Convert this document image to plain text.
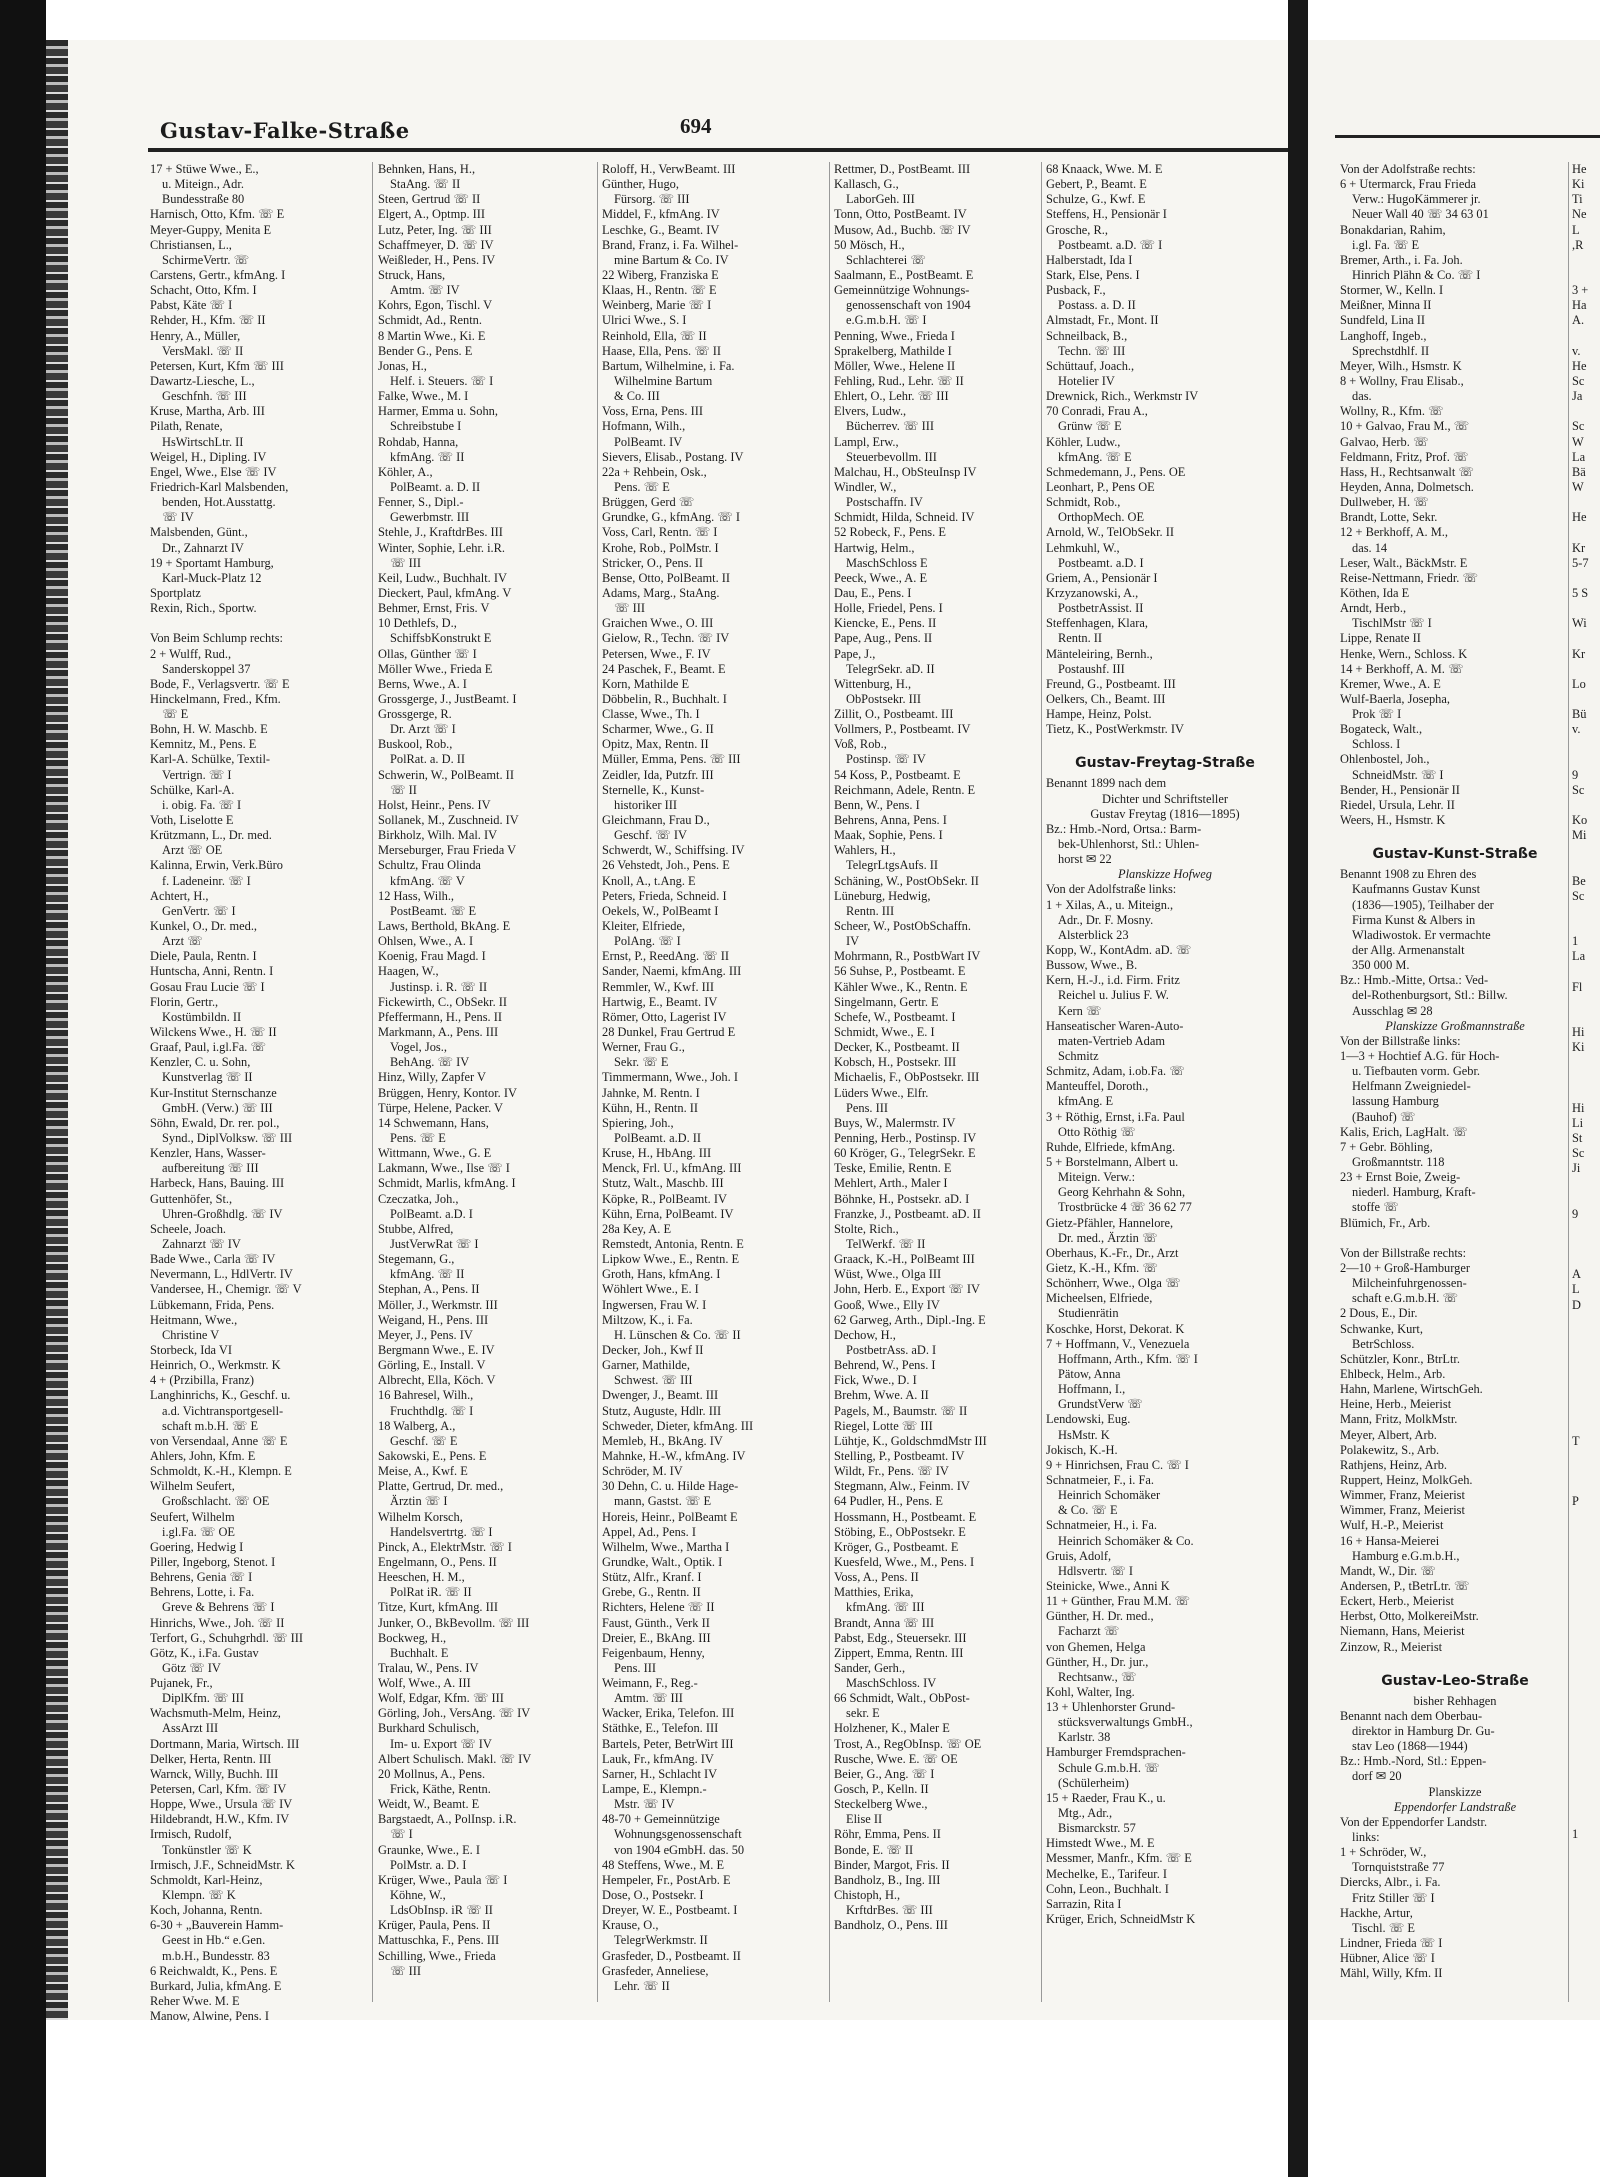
Gustav-Falke-Straße	694
17 + Stüwe Wwe., E.,
u. Miteign., Adr.
Bundesstraße 80
Harnisch, Otto, Kfm. ☏ E
Meyer-Guppy, Menita E
Christiansen, L.,
SchirmeVertr. ☏
Carstens, Gertr., kfmAng. I
Schacht, Otto, Kfm. I
Pabst, Käte ☏ I
Rehder, H., Kfm. ☏ II
Henry, A., Müller,
VersMakl. ☏ II
Petersen, Kurt, Kfm ☏ III
Dawartz-Liesche, L.,
Geschfnh. ☏ III
Kruse, Martha, Arb. III
Pilath, Renate,
HsWirtschLtr. II
Weigel, H., Dipling. IV
Engel, Wwe., Else ☏ IV
Friedrich-Karl Malsbenden,
benden, Hot.Ausstattg.
☏ IV
Malsbenden, Günt.,
Dr., Zahnarzt IV
19 + Sportamt Hamburg,
Karl-Muck-Platz 12
Sportplatz
Rexin, Rich., Sportw.
Von Beim Schlump rechts:
2 + Wulff, Rud.,
Sanderskoppel 37
Bode, F., Verlagsvertr. ☏ E
Hinckelmann, Fred., Kfm.
☏ E
Bohn, H. W. Maschb. E
Kemnitz, M., Pens. E
Karl-A. Schülke, Textil-
Vertrign. ☏ I
Schülke, Karl-A.
i. obig. Fa. ☏ I
Voth, Liselotte E
Krützmann, L., Dr. med.
Arzt ☏ OE
Kalinna, Erwin, Verk.Büro
f. Ladeneinr. ☏ I
Achtert, H.,
GenVertr. ☏ I
Kunkel, O., Dr. med.,
Arzt ☏
Diele, Paula, Rentn. I
Huntscha, Anni, Rentn. I
Gosau Frau Lucie ☏ I
Florin, Gertr.,
Kostümbildn. II
Wilckens Wwe., H. ☏ II
Graaf, Paul, i.gl.Fa. ☏
Kenzler, C. u. Sohn,
Kunstverlag ☏ II
Kur-Institut Sternschanze
GmbH. (Verw.) ☏ III
Söhn, Ewald, Dr. rer. pol.,
Synd., DiplVolksw. ☏ III
Kenzler, Hans, Wasser-
aufbereitung ☏ III
Harbeck, Hans, Bauing. III
Guttenhöfer, St.,
Uhren-Großhdlg. ☏ IV
Scheele, Joach.
Zahnarzt ☏ IV
Bade Wwe., Carla ☏ IV
Nevermann, L., HdlVertr. IV
Vandersee, H., Chemigr. ☏ V
Lübkemann, Frida, Pens.
Heitmann, Wwe.,
Christine V
Storbeck, Ida VI
Heinrich, O., Werkmstr. K
4 + (Przibilla, Franz)
Langhinrichs, K., Geschf. u.
a.d. Vichtransportgesell-
schaft m.b.H. ☏ E
von Versendaal, Anne ☏ E
Ahlers, John, Kfm. E
Schmoldt, K.-H., Klempn. E
Wilhelm Seufert,
Großschlacht. ☏ OE
Seufert, Wilhelm
i.gl.Fa. ☏ OE
Goering, Hedwig I
Piller, Ingeborg, Stenot. I
Behrens, Genia ☏ I
Behrens, Lotte, i. Fa.
Greve & Behrens ☏ I
Hinrichs, Wwe., Joh. ☏ II
Terfort, G., Schuhgrhdl. ☏ III
Götz, K., i.Fa. Gustav
Götz ☏ IV
Pujanek, Fr.,
DiplKfm. ☏ III
Wachsmuth-Melm, Heinz,
AssArzt III
Dortmann, Maria, Wirtsch. III
Delker, Herta, Rentn. III
Warnck, Willy, Buchh. III
Petersen, Carl, Kfm. ☏ IV
Hoppe, Wwe., Ursula ☏ IV
Hildebrandt, H.W., Kfm. IV
Irmisch, Rudolf,
Tonkünstler ☏ K
Irmisch, J.F., SchneidMstr. K
Schmoldt, Karl-Heinz,
Klempn. ☏ K
Koch, Johanna, Rentn.
6-30 + „Bauverein Hamm-
Geest in Hb.“ e.Gen.
m.b.H., Bundesstr. 83
6 Reichwaldt, K., Pens. E
Burkard, Julia, kfmAng. E
Reher Wwe. M. E
Manow, Alwine, Pens. I
Behnken, Hans, H.,
StaAng. ☏ II
Steen, Gertrud ☏ II
Elgert, A., Optmp. III
Lutz, Peter, Ing. ☏ III
Schaffmeyer, D. ☏ IV
Weißleder, H., Pens. IV
Struck, Hans,
Amtm. ☏ IV
Kohrs, Egon, Tischl. V
Schmidt, Ad., Rentn.
8 Martin Wwe., Ki. E
Bender G., Pens. E
Jonas, H.,
Helf. i. Steuers. ☏ I
Falke, Wwe., M. I
Harmer, Emma u. Sohn,
Schreibstube I
Rohdab, Hanna,
kfmAng. ☏ II
Köhler, A.,
PolBeamt. a. D. II
Fenner, S., Dipl.-
Gewerbmstr. III
Stehle, J., KraftdrBes. III
Winter, Sophie, Lehr. i.R.
☏ III
Keil, Ludw., Buchhalt. IV
Dieckert, Paul, kfmAng. V
Behmer, Ernst, Fris. V
10 Dethlefs, D.,
SchiffsbKonstrukt E
Ollas, Günther ☏ I
Möller Wwe., Frieda E
Berns, Wwe., A. I
Grossgerge, J., JustBeamt. I
Grossgerge, R.
Dr. Arzt ☏ I
Buskool, Rob.,
PolRat. a. D. II
Schwerin, W., PolBeamt. II
☏ II
Holst, Heinr., Pens. IV
Sollanek, M., Zuschneid. IV
Birkholz, Wilh. Mal. IV
Merseburger, Frau Frieda V
Schultz, Frau Olinda
kfmAng. ☏ V
12 Hass, Wilh.,
PostBeamt. ☏ E
Laws, Berthold, BkAng. E
Ohlsen, Wwe., A. I
Koenig, Frau Magd. I
Haagen, W.,
Justinsp. i. R. ☏ II
Fickewirth, C., ObSekr. II
Pfeffermann, H., Pens. II
Markmann, A., Pens. III
Vogel, Jos.,
BehAng. ☏ IV
Hinz, Willy, Zapfer V
Brüggen, Henry, Kontor. IV
Türpe, Helene, Packer. V
14 Schwemann, Hans,
Pens. ☏ E
Wittmann, Wwe., G. E
Lakmann, Wwe., Ilse ☏ I
Schmidt, Marlis, kfmAng. I
Czeczatka, Joh.,
PolBeamt. a.D. I
Stubbe, Alfred,
JustVerwRat ☏ I
Stegemann, G.,
kfmAng. ☏ II
Stephan, A., Pens. II
Möller, J., Werkmstr. III
Weigand, H., Pens. III
Meyer, J., Pens. IV
Bergmann Wwe., E. IV
Görling, E., Install. V
Albrecht, Ella, Köch. V
16 Bahresel, Wilh.,
Fruchthdlg. ☏ I
18 Walberg, A.,
Geschf. ☏ E
Sakowski, E., Pens. E
Meise, A., Kwf. E
Platte, Gertrud, Dr. med.,
Ärztin ☏ I
Wilhelm Korsch,
Handelsvertrtg. ☏ I
Pinck, A., ElektrMstr. ☏ I
Engelmann, O., Pens. II
Heeschen, H. M.,
PolRat iR. ☏ II
Titze, Kurt, kfmAng. III
Junker, O., BkBevollm. ☏ III
Bockweg, H.,
Buchhalt. E
Tralau, W., Pens. IV
Wolf, Wwe., A. III
Wolf, Edgar, Kfm. ☏ III
Görling, Joh., VersAng. ☏ IV
Burkhard Schulisch,
Im- u. Export ☏ IV
Albert Schulisch. Makl. ☏ IV
20 Mollnus, A., Pens.
Frick, Käthe, Rentn.
Weidt, W., Beamt. E
Bargstaedt, A., PolInsp. i.R.
☏ I
Graunke, Wwe., E. I
PolMstr. a. D. I
Krüger, Wwe., Paula ☏ I
Köhne, W.,
LdsObInsp. iR ☏ II
Krüger, Paula, Pens. II
Mattuschka, F., Pens. III
Schilling, Wwe., Frieda
☏ III
Roloff, H., VerwBeamt. III
Günther, Hugo,
Fürsorg. ☏ III
Middel, F., kfmAng. IV
Leschke, G., Beamt. IV
Brand, Franz, i. Fa. Wilhel-
mine Bartum & Co. IV
22 Wiberg, Franziska E
Klaas, H., Rentn. ☏ E
Weinberg, Marie ☏ I
Ulrici Wwe., S. I
Reinhold, Ella, ☏ II
Haase, Ella, Pens. ☏ II
Bartum, Wilhelmine, i. Fa.
Wilhelmine Bartum
& Co. III
Voss, Erna, Pens. III
Hofmann, Wilh.,
PolBeamt. IV
Sievers, Elisab., Postang. IV
22a + Rehbein, Osk.,
Pens. ☏ E
Brüggen, Gerd ☏
Grundke, G., kfmAng. ☏ I
Voss, Carl, Rentn. ☏ I
Krohe, Rob., PolMstr. I
Stricker, O., Pens. II
Bense, Otto, PolBeamt. II
Adams, Marg., StaAng.
☏ III
Graichen Wwe., O. III
Gielow, R., Techn. ☏ IV
Petersen, Wwe., F. IV
24 Paschek, F., Beamt. E
Korn, Mathilde E
Döbbelin, R., Buchhalt. I
Classe, Wwe., Th. I
Scharmer, Wwe., G. II
Opitz, Max, Rentn. II
Müller, Emma, Pens. ☏ III
Zeidler, Ida, Putzfr. III
Sternelle, K., Kunst-
historiker III
Gleichmann, Frau D.,
Geschf. ☏ IV
Schwerdt, W., Schiffsing. IV
26 Vehstedt, Joh., Pens. E
Knoll, A., t.Ang. E
Peters, Frieda, Schneid. I
Oekels, W., PolBeamt I
Kleiter, Elfriede,
PolAng. ☏ I
Ernst, P., ReedAng. ☏ II
Sander, Naemi, kfmAng. III
Remmler, W., Kwf. III
Hartwig, E., Beamt. IV
Römer, Otto, Lagerist IV
28 Dunkel, Frau Gertrud E
Werner, Frau G.,
Sekr. ☏ E
Timmermann, Wwe., Joh. I
Jahnke, M. Rentn. I
Kühn, H., Rentn. II
Spiering, Joh.,
PolBeamt. a.D. II
Kruse, H., HbAng. III
Menck, Frl. U., kfmAng. III
Stutz, Walt., Maschb. III
Köpke, R., PolBeamt. IV
Kühn, Erna, PolBeamt. IV
28a Key, A. E
Remstedt, Antonia, Rentn. E
Lipkow Wwe., E., Rentn. E
Groth, Hans, kfmAng. I
Wöhlert Wwe., E. I
Ingwersen, Frau W. I
Miltzow, K., i. Fa.
H. Lünschen & Co. ☏ II
Decker, Joh., Kwf II
Garner, Mathilde,
Schwest. ☏ III
Dwenger, J., Beamt. III
Stutz, Auguste, Hdlr. III
Schweder, Dieter, kfmAng. III
Memleb, H., BkAng. IV
Mahnke, H.-W., kfmAng. IV
Schröder, M. IV
30 Dehn, C. u. Hilde Hage-
mann, Gastst. ☏ E
Horeis, Heinr., PolBeamt E
Appel, Ad., Pens. I
Wilhelm, Wwe., Martha I
Grundke, Walt., Optik. I
Stütz, Alfr., Kranf. I
Grebe, G., Rentn. II
Richters, Helene ☏ II
Faust, Günth., Verk II
Dreier, E., BkAng. III
Feigenbaum, Henny,
Pens. III
Weimann, F., Reg.-
Amtm. ☏ III
Wacker, Erika, Telefon. III
Stäthke, E., Telefon. III
Bartels, Peter, BetrWirt III
Lauk, Fr., kfmAng. IV
Sarner, H., Schlacht IV
Lampe, E., Klempn.-
Mstr. ☏ IV
48-70 + Gemeinnützige
Wohnungsgenossenschaft
von 1904 eGmbH. das. 50
48 Steffens, Wwe., M. E
Hempeler, Fr., PostArb. E
Dose, O., Postsekr. I
Dreyer, W. E., Postbeamt. I
Krause, O.,
TelegrWerkmstr. II
Grasfeder, D., Postbeamt. II
Grasfeder, Anneliese,
Lehr. ☏ II
Rettmer, D., PostBeamt. III
Kallasch, G.,
LaborGeh. III
Tonn, Otto, PostBeamt. IV
Musow, Ad., Buchb. ☏ IV
50 Mösch, H.,
Schlachterei ☏
Saalmann, E., PostBeamt. E
Gemeinnützige Wohnungs-
genossenschaft von 1904
e.G.m.b.H. ☏ I
Penning, Wwe., Frieda I
Sprakelberg, Mathilde I
Möller, Wwe., Helene II
Fehling, Rud., Lehr. ☏ II
Ehlert, O., Lehr. ☏ III
Elvers, Ludw.,
Bücherrev. ☏ III
Lampl, Erw.,
Steuerbevollm. III
Malchau, H., ObSteuInsp IV
Windler, W.,
Postschaffn. IV
Schmidt, Hilda, Schneid. IV
52 Robeck, F., Pens. E
Hartwig, Helm.,
MaschSchloss E
Peeck, Wwe., A. E
Dau, E., Pens. I
Holle, Friedel, Pens. I
Kiencke, E., Pens. II
Pape, Aug., Pens. II
Pape, J.,
TelegrSekr. aD. II
Wittenburg, H.,
ObPostsekr. III
Zillit, O., Postbeamt. III
Vollmers, P., Postbeamt. IV
Voß, Rob.,
Postinsp. ☏ IV
54 Koss, P., Postbeamt. E
Reichmann, Adele, Rentn. E
Benn, W., Pens. I
Behrens, Anna, Pens. I
Maak, Sophie, Pens. I
Wahlers, H.,
TelegrLtgsAufs. II
Schäning, W., PostObSekr. II
Lüneburg, Hedwig,
Rentn. III
Scheer, W., PostObSchaffn.
IV
Mohrmann, R., PostbWart IV
56 Suhse, P., Postbeamt. E
Kähler Wwe., K., Rentn. E
Singelmann, Gertr. E
Schefe, W., Postbeamt. I
Schmidt, Wwe., E. I
Decker, K., Postbeamt. II
Kobsch, H., Postsekr. III
Michaelis, F., ObPostsekr. III
Lüders Wwe., Elfr.
Pens. III
Buys, W., Malermstr. IV
Penning, Herb., Postinsp. IV
60 Kröger, G., TelegrSekr. E
Teske, Emilie, Rentn. E
Mehlert, Arth., Maler I
Böhnke, H., Postsekr. aD. I
Franzke, J., Postbeamt. aD. II
Stolte, Rich.,
TelWerkf. ☏ II
Graack, K.-H., PolBeamt III
Wüst, Wwe., Olga III
John, Herb. E., Export ☏ IV
Gooß, Wwe., Elly IV
62 Garweg, Arth., Dipl.-Ing. E
Dechow, H.,
PostbetrAss. aD. I
Behrend, W., Pens. I
Fick, Wwe., D. I
Brehm, Wwe. A. II
Pagels, M., Baumstr. ☏ II
Riegel, Lotte ☏ III
Lühtje, K., GoldschmdMstr III
Stelling, P., Postbeamt. IV
Wildt, Fr., Pens. ☏ IV
Stegmann, Alw., Feinm. IV
64 Pudler, H., Pens. E
Hossmann, H., Postbeamt. E
Stöbing, E., ObPostsekr. E
Kröger, G., Postbeamt. E
Kuesfeld, Wwe., M., Pens. I
Voss, A., Pens. II
Matthies, Erika,
kfmAng. ☏ III
Brandt, Anna ☏ III
Pabst, Edg., Steuersekr. III
Zippert, Emma, Rentn. III
Sander, Gerh.,
MaschSchloss. IV
66 Schmidt, Walt., ObPost-
sekr. E
Holzhener, K., Maler E
Trost, A., RegObInsp. ☏ OE
Rusche, Wwe. E. ☏ OE
Beier, G., Ang. ☏ I
Gosch, P., Kelln. II
Steckelberg Wwe.,
Elise II
Röhr, Emma, Pens. II
Bonde, E. ☏ II
Binder, Margot, Fris. II
Bandholz, B., Ing. III
Chistoph, H.,
KrftdrBes. ☏ III
Bandholz, O., Pens. III
68 Knaack, Wwe. M. E
Gebert, P., Beamt. E
Schulze, G., Kwf. E
Steffens, H., Pensionär I
Grosche, R.,
Postbeamt. a.D. ☏ I
Halberstadt, Ida I
Stark, Else, Pens. I
Pusback, F.,
Postass. a. D. II
Almstadt, Fr., Mont. II
Schneilback, B.,
Techn. ☏ III
Schüttauf, Joach.,
Hotelier IV
Drewnick, Rich., Werkmstr IV
70 Conradi, Frau A.,
Grünw ☏ E
Köhler, Ludw.,
kfmAng. ☏ E
Schmedemann, J., Pens. OE
Leonhart, P., Pens OE
Schmidt, Rob.,
OrthopMech. OE
Arnold, W., TelObSekr. II
Lehmkuhl, W.,
Postbeamt. a.D. I
Griem, A., Pensionär I
Krzyzanowski, A.,
PostbetrAssist. II
Steffenhagen, Klara,
Rentn. II
Mänteleiring, Bernh.,
Postaushf. III
Freund, G., Postbeamt. III
Oelkers, Ch., Beamt. III
Hampe, Heinz, Polst.
Tietz, K., PostWerkmstr. IV
Gustav-Freytag-Straße
Benannt 1899 nach dem
Dichter und Schriftsteller
Gustav Freytag (1816—1895)
Bz.: Hmb.-Nord, Ortsa.: Barm-
bek-Uhlenhorst, Stl.: Uhlen-
horst ✉ 22
Planskizze Hofweg
Von der Adolfstraße links:
1 + Xilas, A., u. Miteign.,
Adr., Dr. F. Mosny.
Alsterblick 23
Kopp, W., KontAdm. aD. ☏
Bussow, Wwe., B.
Kern, H.-J., i.d. Firm. Fritz
Reichel u. Julius F. W.
Kern ☏
Hanseatischer Waren-Auto-
maten-Vertrieb Adam
Schmitz
Schmitz, Adam, i.ob.Fa. ☏
Manteuffel, Doroth.,
kfmAng. E
3 + Röthig, Ernst, i.Fa. Paul
Otto Röthig ☏
Ruhde, Elfriede, kfmAng.
5 + Borstelmann, Albert u.
Miteign. Verw.:
Georg Kehrhahn & Sohn,
Trostbrücke 4 ☏ 36 62 77
Gietz-Pfähler, Hannelore,
Dr. med., Ärztin ☏
Oberhaus, K.-Fr., Dr., Arzt
Gietz, K.-H., Kfm. ☏
Schönherr, Wwe., Olga ☏
Micheelsen, Elfriede,
Studienrätin
Koschke, Horst, Dekorat. K
7 + Hoffmann, V., Venezuela
Hoffmann, Arth., Kfm. ☏ I
Pätow, Anna
Hoffmann, I.,
GrundstVerw ☏
Lendowski, Eug.
HsMstr. K
Jokisch, K.-H.
9 + Hinrichsen, Frau C. ☏ I
Schnatmeier, F., i. Fa.
Heinrich Schomäker
& Co. ☏ E
Schnatmeier, H., i. Fa.
Heinrich Schomäker & Co.
Gruis, Adolf,
Hdlsvertr. ☏ I
Steinicke, Wwe., Anni K
11 + Günther, Frau M.M. ☏
Günther, H. Dr. med.,
Facharzt ☏
von Ghemen, Helga
Günther, H., Dr. jur.,
Rechtsanw., ☏
Kohl, Walter, Ing.
13 + Uhlenhorster Grund-
stücksverwaltungs GmbH.,
Karlstr. 38
Hamburger Fremdsprachen-
Schule G.m.b.H. ☏
(Schülerheim)
15 + Raeder, Frau K., u.
Mtg., Adr.,
Bismarckstr. 57
Himstedt Wwe., M. E
Messmer, Manfr., Kfm. ☏ E
Mechelke, E., Tarifeur. I
Cohn, Leon., Buchhalt. I
Sarrazin, Rita I
Krüger, Erich, SchneidMstr K
Von der Adolfstraße rechts:
6 + Utermarck, Frau Frieda
Verw.: HugoKämmerer jr.
Neuer Wall 40 ☏ 34 63 01
Bonakdarian, Rahim,
i.gl. Fa. ☏ E
Bremer, Arth., i. Fa. Joh.
Hinrich Plähn & Co. ☏ I
Stormer, W., Kelln. I
Meißner, Minna II
Sundfeld, Lina II
Langhoff, Ingeb.,
Sprechstdhlf. II
Meyer, Wilh., Hsmstr. K
8 + Wollny, Frau Elisab.,
das.
Wollny, R., Kfm. ☏
10 + Galvao, Frau M., ☏
Galvao, Herb. ☏
Feldmann, Fritz, Prof. ☏
Hass, H., Rechtsanwalt ☏
Heyden, Anna, Dolmetsch.
Dullweber, H. ☏
Brandt, Lotte, Sekr.
12 + Berkhoff, A. M.,
das. 14
Leser, Walt., BäckMstr. E
Reise-Nettmann, Friedr. ☏
Köthen, Ida E
Arndt, Herb.,
TischlMstr ☏ I
Lippe, Renate II
Henke, Wern., Schloss. K
14 + Berkhoff, A. M. ☏
Kremer, Wwe., A. E
Wulf-Baerla, Josepha,
Prok ☏ I
Bogateck, Walt.,
Schloss. I
Ohlenbostel, Joh.,
SchneidMstr. ☏ I
Bender, H., Pensionär II
Riedel, Ursula, Lehr. II
Weers, H., Hsmstr. K
Gustav-Kunst-Straße
Benannt 1908 zu Ehren des
Kaufmanns Gustav Kunst
(1836—1905), Teilhaber der
Firma Kunst & Albers in
Wladiwostok. Er vermachte
der Allg. Armenanstalt
350 000 M.
Bz.: Hmb.-Mitte, Ortsa.: Ved-
del-Rothenburgsort, Stl.: Billw.
Ausschlag ✉ 28
Planskizze Großmannstraße
Von der Billstraße links:
1—3 + Hochtief A.G. für Hoch-
u. Tiefbauten vorm. Gebr.
Helfmann Zweigniedel-
lassung Hamburg
(Bauhof) ☏
Kalis, Erich, LagHalt. ☏
7 + Gebr. Böhling,
Großmanntstr. 118
23 + Ernst Boie, Zweig-
niederl. Hamburg, Kraft-
stoffe ☏
Blümich, Fr., Arb.
Von der Billstraße rechts:
2—10 + Groß-Hamburger
Milcheinfuhrgenossen-
schaft e.G.m.b.H. ☏
2 Dous, E., Dir.
Schwanke, Kurt,
BetrSchloss.
Schützler, Konr., BtrLtr.
Ehlbeck, Helm., Arb.
Hahn, Marlene, WirtschGeh.
Heine, Herb., Meierist
Mann, Fritz, MolkMstr.
Meyer, Albert, Arb.
Polakewitz, S., Arb.
Rathjens, Heinz, Arb.
Ruppert, Heinz, MolkGeh.
Wimmer, Franz, Meierist
Wimmer, Franz, Meierist
Wulf, H.-P., Meierist
16 + Hansa-Meierei
Hamburg e.G.m.b.H.,
Mandt, W., Dir. ☏
Andersen, P., tBetrLtr. ☏
Eckert, Herb., Meierist
Herbst, Otto, MolkereiMstr.
Niemann, Hans, Meierist
Zinzow, R., Meierist
Gustav-Leo-Straße
bisher Rehhagen
Benannt nach dem Oberbau-
direktor in Hamburg Dr. Gu-
stav Leo (1868—1944)
Bz.: Hmb.-Nord, Stl.: Eppen-
dorf ✉ 20
Planskizze
Eppendorfer Landstraße
Von der Eppendorfer Landstr.
links:
1 + Schröder, W.,
Tornquiststraße 77
Diercks, Albr., i. Fa.
Fritz Stiller ☏ I
Hackhe, Artur,
Tischl. ☏ E
Lindner, Frieda ☏ I
Hübner, Alice ☏ I
Mähl, Willy, Kfm. II
He
Ki
Ti
Ne
L
,R
3 +
Ha
A.
v.
He
Sc
Ja
Sc
W
La
Bä
W
He
Kr
5-7
5 S
Wi
Kr
Lo
Bü
v.
9
Sc
Ko
Mi
Be
Sc
1
La
Fl
Hi
Ki
Hi
Li
St
Sc
Ji
9
A
L
D
T
P
1
